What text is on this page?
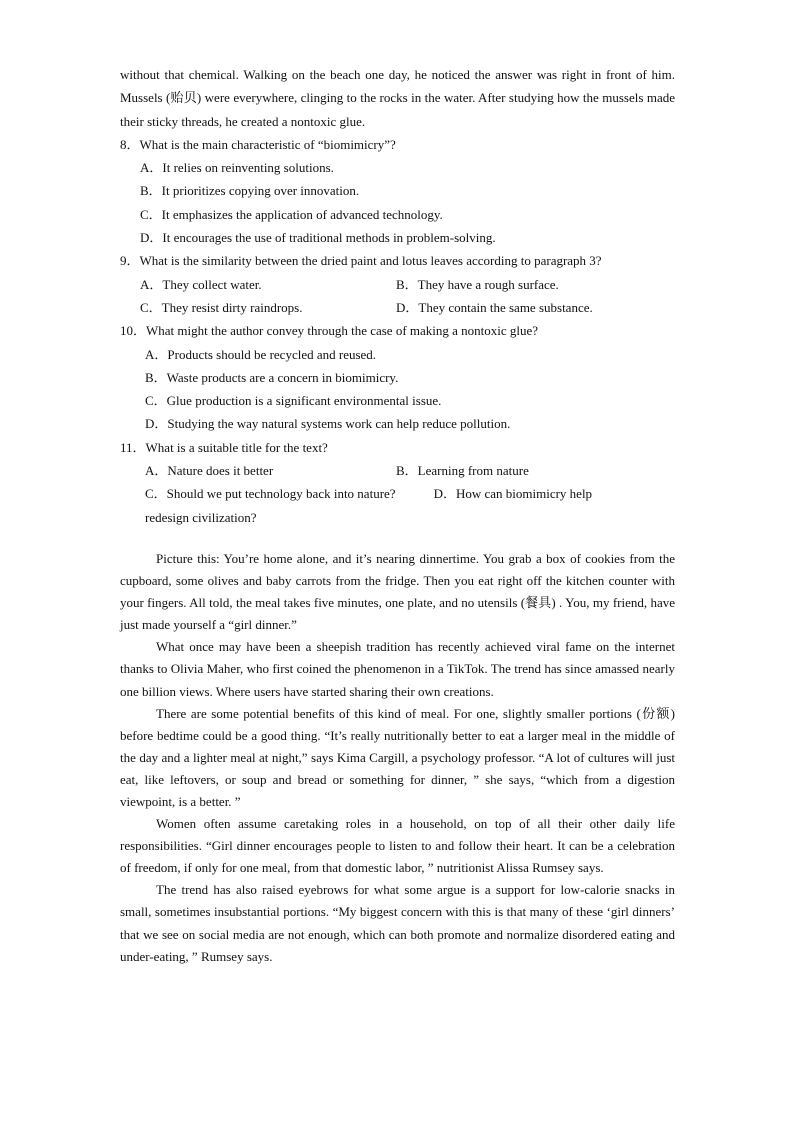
without that chemical. Walking on the beach one day, he noticed the answer was right in front of him. Mussels (贻贝) were everywhere, clinging to the rocks in the water. After studying how the mussels made their sticky threads, he created a nontoxic glue.

8．What is the main characteristic of “biomimicry”?

A．It relies on reinventing solutions.

B．It prioritizes copying over innovation.

C．It emphasizes the application of advanced technology.

D．It encourages the use of traditional methods in problem-solving.

9．What is the similarity between the dried paint and lotus leaves according to paragraph 3?

A．They collect water.	B．They have a rough surface.
C．They resist dirty raindrops.	D．They contain the same substance.

10．What might the author convey through the case of making a nontoxic glue?

A．Products should be recycled and reused.

B．Waste products are a concern in biomimicry.

C．Glue production is a significant environmental issue.

D．Studying the way natural systems work can help reduce pollution.

11．What is a suitable title for the text?

A．Nature does it better	B．Learning from nature

C．Should we put technology back into nature?	D．How can biomimicry help

redesign civilization?

Picture this: You’re home alone, and it’s nearing dinnertime. You grab a box of cookies from the cupboard, some olives and baby carrots from the fridge. Then you eat right off the kitchen counter with your fingers. All told, the meal takes five minutes, one plate, and no utensils (餐具) . You, my friend, have just made yourself a “girl dinner.”

What once may have been a sheepish tradition has recently achieved viral fame on the internet thanks to Olivia Maher, who first coined the phenomenon in a TikTok. The trend has since amassed nearly one billion views. Where users have started sharing their own creations.

There are some potential benefits of this kind of meal. For one, slightly smaller portions (份额) before bedtime could be a good thing. “It’s really nutritionally better to eat a larger meal in the middle of the day and a lighter meal at night,” says Kima Cargill, a psychology professor. “A lot of cultures will just eat, like leftovers, or soup and bread or something for dinner, ” she says, “which from a digestion viewpoint, is a better. ”

Women often assume caretaking roles in a household, on top of all their other daily life responsibilities. “Girl dinner encourages people to listen to and follow their heart. It can be a celebration of freedom, if only for one meal, from that domestic labor, ” nutritionist Alissa Rumsey says.

The trend has also raised eyebrows for what some argue is a support for low-calorie snacks in small, sometimes insubstantial portions. “My biggest concern with this is that many of these ‘girl dinners’ that we see on social media are not enough, which can both promote and normalize disordered eating and under-eating, ” Rumsey says.
